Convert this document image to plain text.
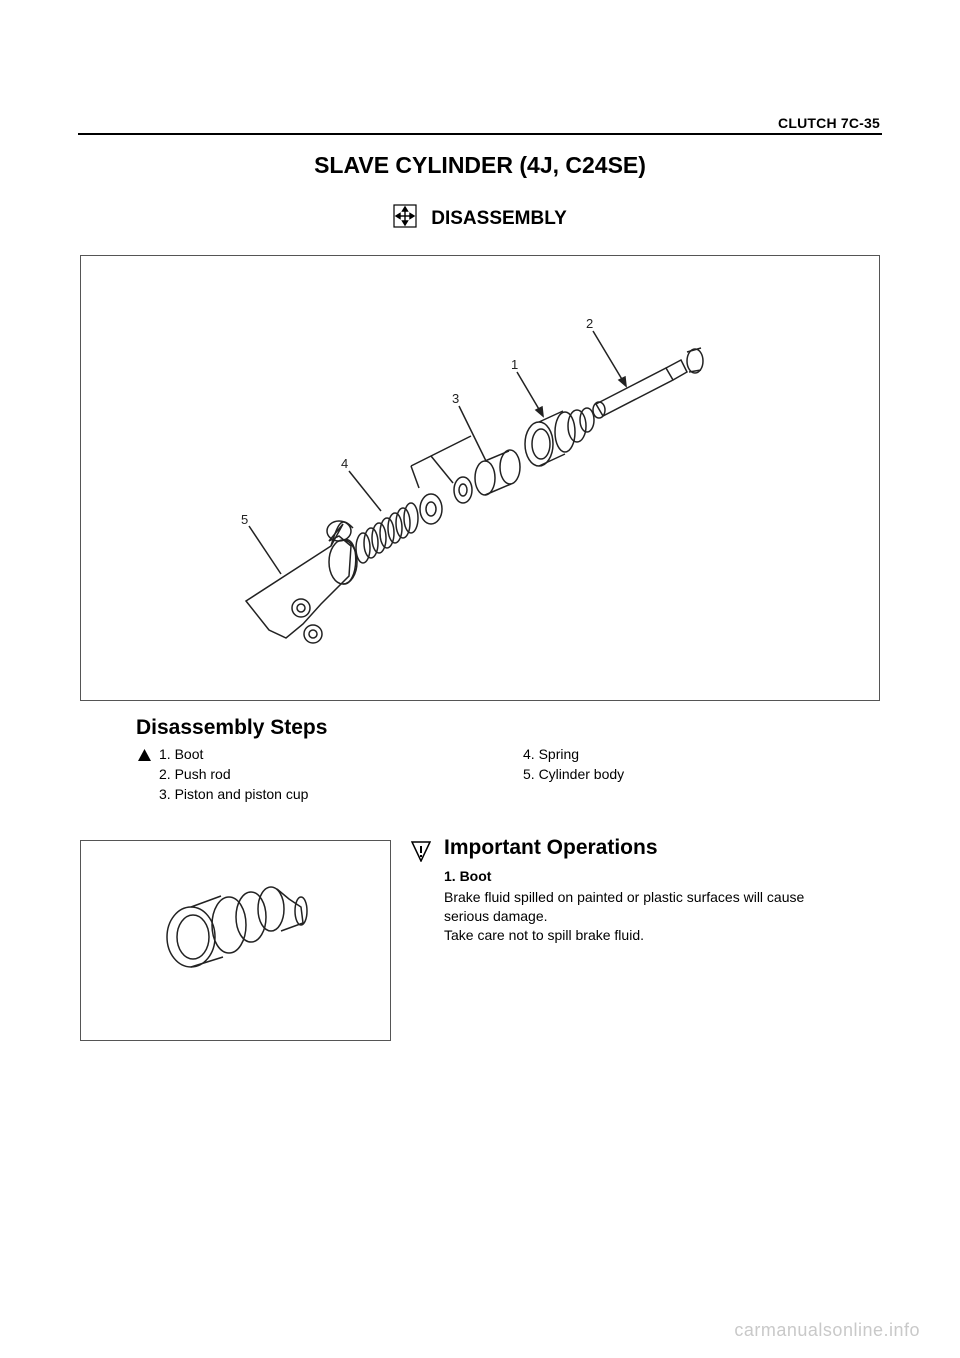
CLUTCH 7C-35
SLAVE CYLINDER (4J, C24SE)
DISASSEMBLY
2
1
3
4
5
Disassembly Steps
1. Boot
2. Push rod
3. Piston and piston cup
4. Spring
5. Cylinder body
Important Operations
1. Boot

Brake fluid spilled on painted or plastic surfaces will cause

serious damage.

Take care not to spill brake fluid.

carmanualsonline.info
